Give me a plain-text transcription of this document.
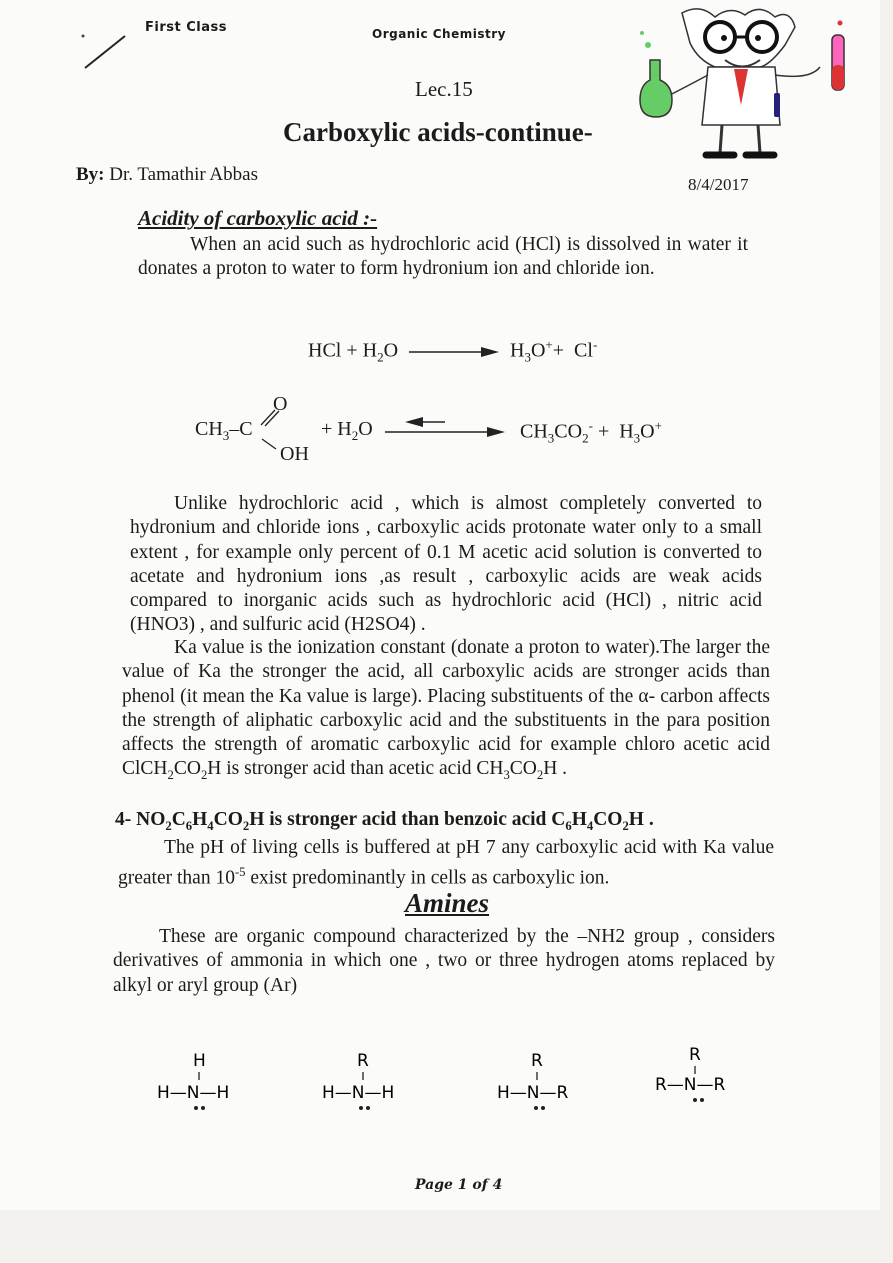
First Class	Organic Chemistry
Lec.15
Carboxylic acids-continue-
By: Dr. Tamathir Abbas	8/4/2017
Acidity of carboxylic acid :-
When an acid such as hydrochloric acid (HCl) is dissolved in water it donates a proton to water to form hydronium ion and chloride ion.
HCl + $H_2O$	$H_3O^++ Cl^-$
$CH_3-C$
O
OH
+ $H_2O$	$CH_3CO_2^- + H_3O^+$
Unlike hydrochloric acid , which is almost completely converted to hydronium and chloride ions , carboxylic acids protonate water only to a small extent , for example only percent of 0.1 M acetic acid solution is converted to acetate and hydronium ions ,as result , carboxylic acids are weak acids compared to inorganic acids such as hydrochloric acid (HCl) , nitric acid (HNO3) , and sulfuric acid (H2SO4) .
Ka value is the ionization constant (donate a proton to water).The larger the value of Ka the stronger the acid, all carboxylic acids are stronger acids than phenol (it mean the Ka value is large). Placing substituents of the α- carbon affects the strength of aliphatic carboxylic acid and the substituents in the para position affects the strength of aromatic carboxylic acid for example chloro acetic acid $ClCH_2CO_2H$ is stronger acid than acetic acid $CH_3CO_2H$ .
4- $NO_2C_6H_4CO_2H$ is stronger acid than benzoic acid $C_6H_4CO_2H$ .
The pH of living cells is buffered at pH 7 any carboxylic acid with Ka value greater than $10^{-5}$ exist predominantly in cells as carboxylic ion.
Amines
These are organic compound characterized by the –NH2 group , considers derivatives of ammonia in which one , two or three hydrogen atoms replaced by alkyl or aryl group (Ar)
H
H—N—H
R
H—N—H
R
H—N—R
R
R—N—R
Page 1 of 4
